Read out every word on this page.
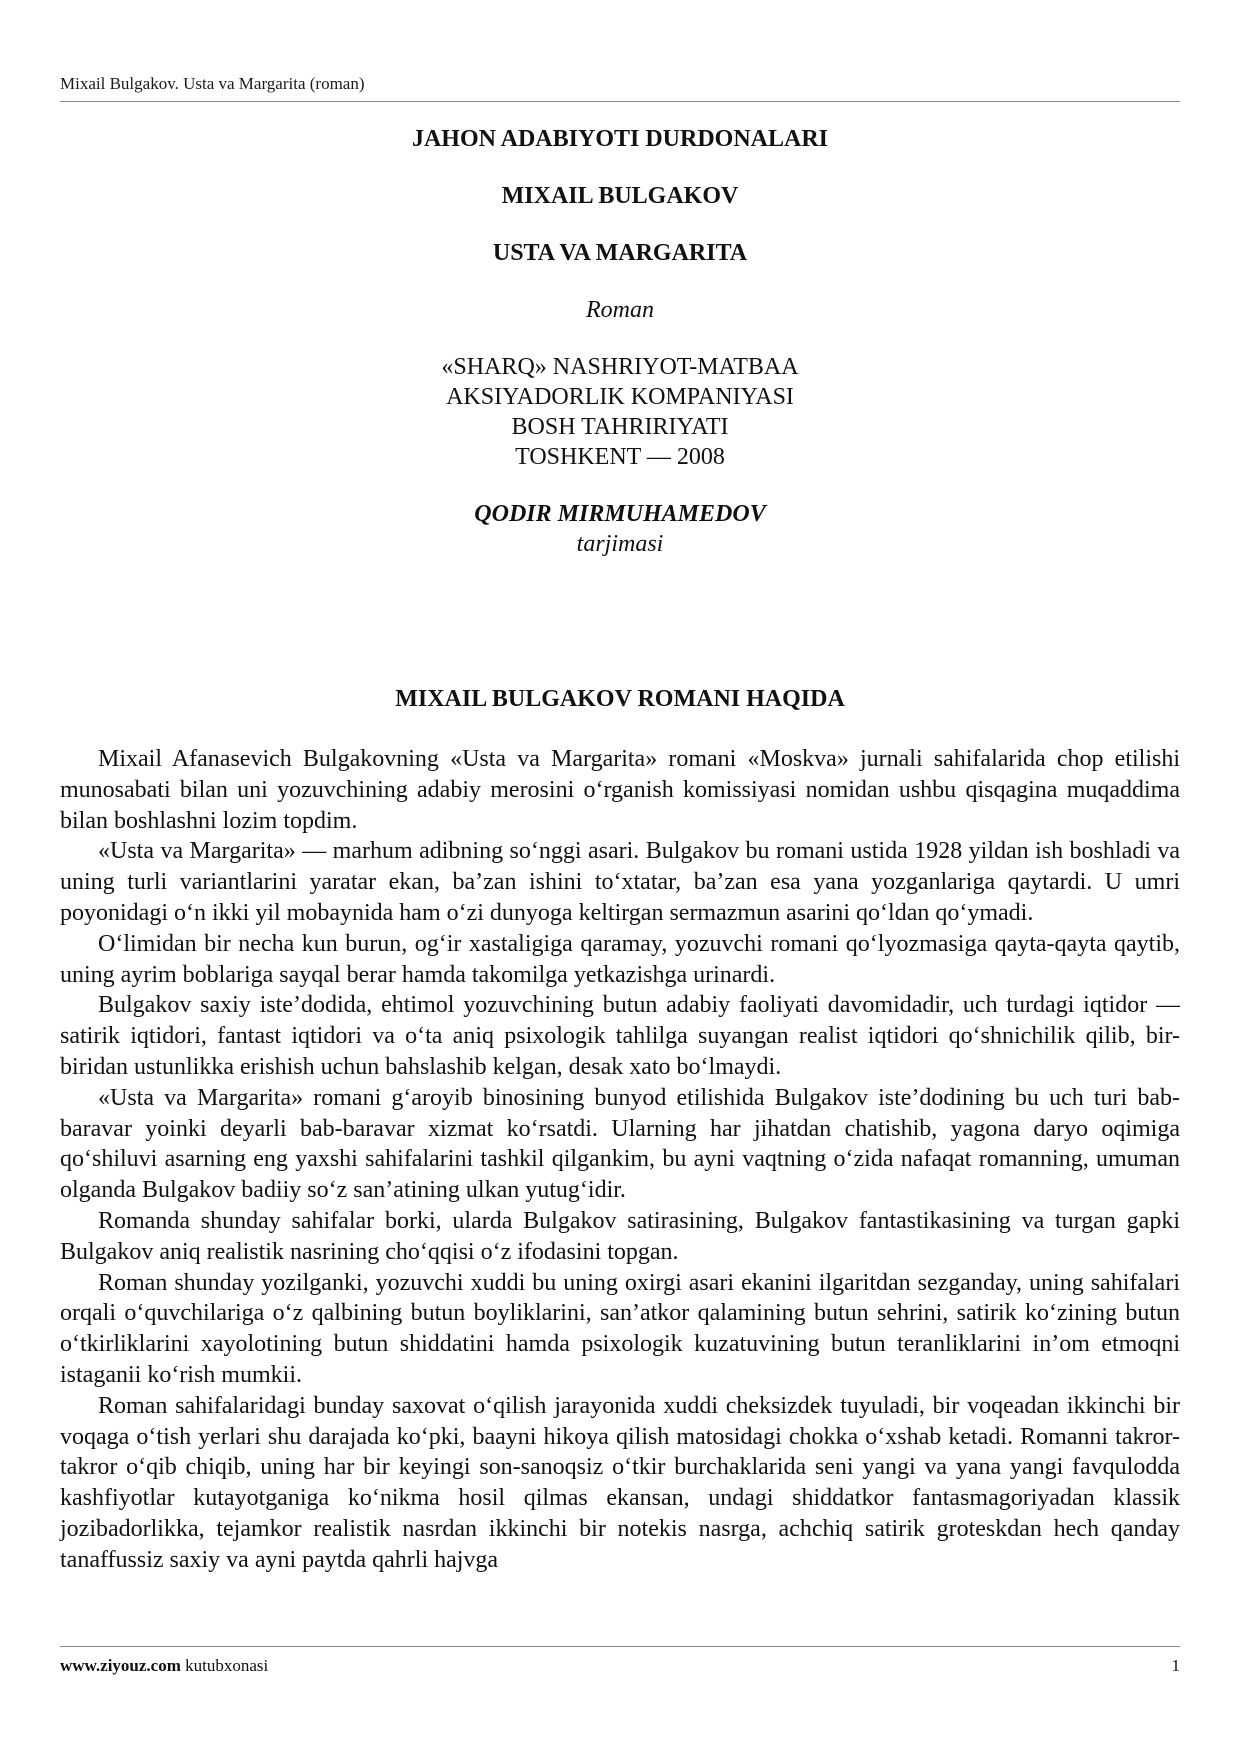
Mixail Bulgakov. Usta va Margarita (roman)

JAHON ADABIYOTI DURDONALARI

MIXAIL BULGAKOV

USTA VA MARGARITA

Roman

«SHARQ» NASHRIYOT-MATBAA

AKSIYADORLIK KOMPANIYASI

BOSH TAHRIRIYATI

TOSHKENT — 2008

QODIR MIRMUHAMEDOV

tarjimasi

MIXAIL BULGAKOV ROMANI HAQIDA

Mixail Afanasevich Bulgakovning «Usta va Margarita» romani «Moskva» jurnali sahifalarida chop etilishi munosabati bilan uni yozuvchining adabiy merosini o‘rganish komissiyasi nomidan ushbu qisqagina muqaddima bilan boshlashni lozim topdim.

«Usta va Margarita» — marhum adibning so‘nggi asari. Bulgakov bu romani ustida 1928 yildan ish boshladi va uning turli variantlarini yaratar ekan, ba’zan ishini to‘xtatar, ba’zan esa yana yozganlariga qaytardi. U umri poyonidagi o‘n ikki yil mobaynida ham o‘zi dunyoga keltirgan sermazmun asarini qo‘ldan qo‘ymadi.

O‘limidan bir necha kun burun, og‘ir xastaligiga qaramay, yozuvchi romani qo‘lyozmasiga qayta-qayta qaytib, uning ayrim boblariga sayqal berar hamda takomilga yetkazishga urinardi.

Bulgakov saxiy iste’dodida, ehtimol yozuvchining butun adabiy faoliyati davomidadir, uch turdagi iqtidor — satirik iqtidori, fantast iqtidori va o‘ta aniq psixologik tahlilga suyangan realist iqtidori qo‘shnichilik qilib, bir-biridan ustunlikka erishish uchun bahslashib kelgan, desak xato bo‘lmaydi.

«Usta va Margarita» romani g‘aroyib binosining bunyod etilishida Bulgakov iste’dodining bu uch turi bab-baravar yoinki deyarli bab-baravar xizmat ko‘rsatdi. Ularning har jihatdan chatishib, yagona daryo oqimiga qo‘shiluvi asarning eng yaxshi sahifalarini tashkil qilgankim, bu ayni vaqtning o‘zida nafaqat romanning, umuman olganda Bulgakov badiiy so‘z san’atining ulkan yutug‘idir.

Romanda shunday sahifalar borki, ularda Bulgakov satirasining, Bulgakov fantastikasining va turgan gapki Bulgakov aniq realistik nasrining cho‘qqisi o‘z ifodasini topgan.

Roman shunday yozilganki, yozuvchi xuddi bu uning oxirgi asari ekanini ilgaritdan sezganday, uning sahifalari orqali o‘quvchilariga o‘z qalbining butun boyliklarini, san’atkor qalamining butun sehrini, satirik ko‘zining butun o‘tkirliklarini xayolotining butun shiddatini hamda psixologik kuzatuvining butun teranliklarini in’om etmoqni istaganii ko‘rish mumkii.

Roman sahifalaridagi bunday saxovat o‘qilish jarayonida xuddi cheksizdek tuyuladi, bir voqeadan ikkinchi bir voqaga o‘tish yerlari shu darajada ko‘pki, baayni hikoya qilish matosidagi chokka o‘xshab ketadi. Romanni takror-takror o‘qib chiqib, uning har bir keyingi son-sanoqsiz o‘tkir burchaklarida seni yangi va yana yangi favqulodda kashfiyotlar kutayotganiga ko‘nikma hosil qilmas ekansan, undagi shiddatkor fantasmagoriyadan klassik jozibadorlikka, tejamkor realistik nasrdan ikkinchi bir notekis nasrga, achchiq satirik groteskdan hech qanday tanaffussiz saxiy va ayni paytda qahrli hajvga

www.ziyouz.com kutubxonasi	1
